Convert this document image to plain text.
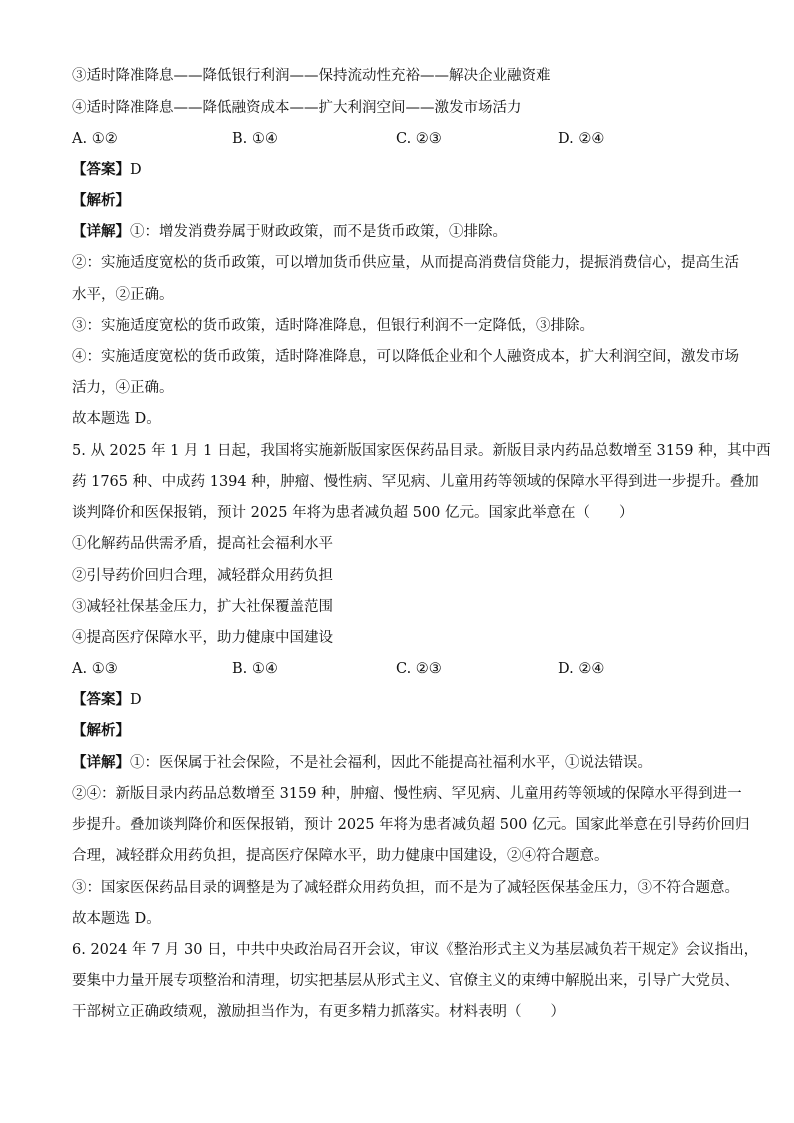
③适时降准降息——降低银行利润——保持流动性充裕——解决企业融资难
④适时降准降息——降低融资成本——扩大利润空间——激发市场活力
A. ①②	B. ①④	C. ②③	D. ②④
【答案】D
【解析】
【详解】①：增发消费券属于财政政策，而不是货币政策，①排除。
②：实施适度宽松的货币政策，可以增加货币供应量，从而提高消费信贷能力，提振消费信心，提高生活
水平，②正确。
③：实施适度宽松的货币政策，适时降准降息，但银行利润不一定降低，③排除。
④：实施适度宽松的货币政策，适时降准降息，可以降低企业和个人融资成本，扩大利润空间，激发市场
活力，④正确。
故本题选 D。
5. 从 2025 年 1 月 1 日起，我国将实施新版国家医保药品目录。新版目录内药品总数增至 3159 种，其中西
药 1765 种、中成药 1394 种，肿瘤、慢性病、罕见病、儿童用药等领域的保障水平得到进一步提升。叠加
谈判降价和医保报销，预计 2025 年将为患者减负超 500 亿元。国家此举意在（　　）
①化解药品供需矛盾，提高社会福利水平
②引导药价回归合理，减轻群众用药负担
③减轻社保基金压力，扩大社保覆盖范围
④提高医疗保障水平，助力健康中国建设
A. ①③	B. ①④	C. ②③	D. ②④
【答案】D
【解析】
【详解】①：医保属于社会保险，不是社会福利，因此不能提高社福利水平，①说法错误。
②④：新版目录内药品总数增至 3159 种，肿瘤、慢性病、罕见病、儿童用药等领域的保障水平得到进一
步提升。叠加谈判降价和医保报销，预计 2025 年将为患者减负超 500 亿元。国家此举意在引导药价回归
合理，减轻群众用药负担，提高医疗保障水平，助力健康中国建设，②④符合题意。
③：国家医保药品目录的调整是为了减轻群众用药负担，而不是为了减轻医保基金压力，③不符合题意。
故本题选 D。
6. 2024 年 7 月 30 日，中共中央政治局召开会议，审议《整治形式主义为基层减负若干规定》会议指出，
要集中力量开展专项整治和清理，切实把基层从形式主义、官僚主义的束缚中解脱出来，引导广大党员、
干部树立正确政绩观，激励担当作为，有更多精力抓落实。材料表明（　　）
